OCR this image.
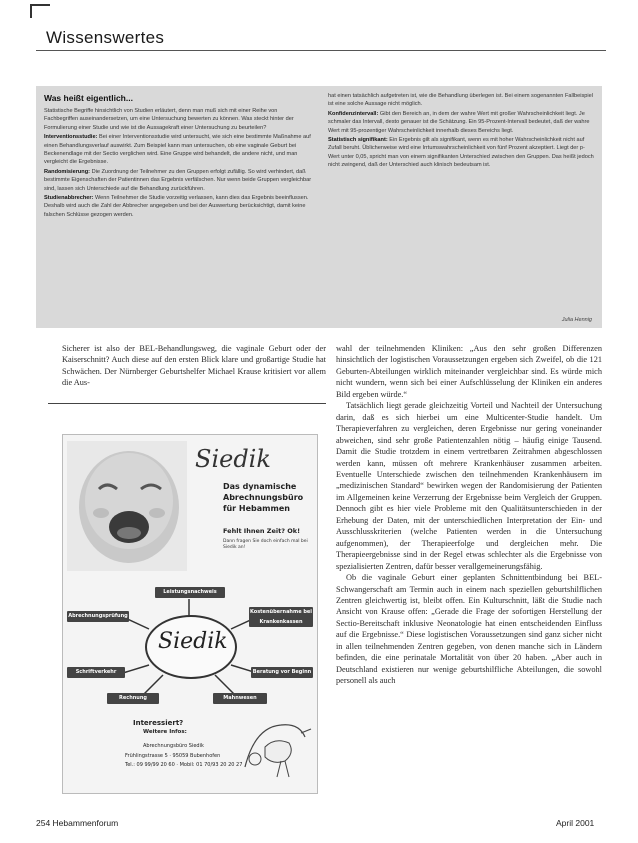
Wissenswertes
Was heißt eigentlich...

Statistische Begriffe hinsichtlich von Studien erläutert, denn man muß sich mit einer Reihe von Fachbegriffen auseinandersetzen, um eine Untersuchung bewerten zu können. Was steckt hinter der Formulierung einer Studie und wie ist die Aussagekraft einer Untersuchung zu beurteilen?

Interventionsstudie: Bei einer Interventionsstudie wird untersucht, wie sich eine bestimmte Maßnahme auf einen Behandlungsverlauf auswirkt. Zum Beispiel kann man untersuchen, ob eine vaginale Geburt bei Beckenendlage mit der Sectio verglichen wird. Eine Gruppe wird behandelt, die andere nicht, und man vergleicht die Ergebnisse.

Randomisierung: Die Zuordnung der Teilnehmer zu den Gruppen erfolgt zufällig. So wird verhindert, daß bestimmte Eigenschaften der Patientinnen das Ergebnis verfälschen. Nur wenn beide Gruppen vergleichbar sind, lassen sich Unterschiede auf die Behandlung zurückführen.

Studienabbrecher: Wenn Teilnehmer die Studie vorzeitig verlassen, kann dies das Ergebnis beeinflussen. Deshalb wird auch die Zahl der Abbrecher angegeben und bei der Auswertung berücksichtigt, damit keine falschen Schlüsse gezogen werden.

hat einen tatsächlich aufgetreten ist, wie die Behandlung überlegen ist. Bei einem sogenannten Fallbeispiel ist eine solche Aussage nicht möglich.

Konfidenzintervall: Gibt den Bereich an, in dem der wahre Wert mit großer Wahrscheinlichkeit liegt. Je schmaler das Intervall, desto genauer ist die Schätzung. Ein 95-Prozent-Intervall bedeutet, daß der wahre Wert mit 95-prozentiger Wahrscheinlichkeit innerhalb dieses Bereichs liegt.

Statistisch signifikant: Ein Ergebnis gilt als signifikant, wenn es mit hoher Wahrscheinlichkeit nicht auf Zufall beruht. Üblicherweise wird eine Irrtumswahrscheinlichkeit von fünf Prozent akzeptiert. Liegt der p-Wert unter 0,05, spricht man von einem signifikanten Unterschied zwischen den Gruppen. Das heißt jedoch nicht zwingend, daß der Unterschied auch klinisch bedeutsam ist.

Julia Hennig
Sicherer ist also der BEL-Behandlungsweg, die vaginale Geburt oder der Kaiserschnitt? Auch diese auf den ersten Blick klare und großartige Studie hat Schwächen. Der Nürnberger Geburtshelfer Michael Krause kritisiert vor allem die Aus-

wahl der teilnehmenden Kliniken: „Aus den sehr großen Differenzen hinsichtlich der logistischen Voraussetzungen ergeben sich Zweifel, ob die 121 Geburten-Abteilungen wirklich miteinander vergleichbar sind. Es würde mich nicht wundern, wenn sich bei einer Aufschlüsselung der Kliniken ein anderes Bild ergeben würde.“

Tatsächlich liegt gerade gleichzeitig Vorteil und Nachteil der Untersuchung darin, daß es sich hierbei um eine Multicenter-Studie handelt. Um Therapieverfahren zu vergleichen, deren Ergebnisse nur gering voneinander abweichen, sind sehr große Patientenzahlen nötig – häufig einige Tausend. Damit die Studie trotzdem in einem vertretbaren Zeitrahmen abgeschlossen werden kann, müssen oft mehrere Krankenhäuser zusammen arbeiten. Eventuelle Unterschiede zwischen den teilnehmenden Krankenhäusern im „medizinischen Standard“ bewirken wegen der Randomisierung der Patienten im Allgemeinen keine Verzerrung der Ergebnisse beim Vergleich der Gruppen. Dennoch gibt es hier viele Probleme mit den Qualitätsunterschieden in der Erhebung der Daten, mit der unterschiedlichen Interpretation der Ein- und Ausschlusskriterien (welche Patienten werden in die Untersuchung aufgenommen), der Therapieerfolge und dergleichen mehr. Die Therapieergebnisse sind in der Regel etwas schlechter als die Ergebnisse von spezialisierten Zentren, dafür besser verallgemeinerungsfähig.

Ob die vaginale Geburt einer geplanten Schnittentbindung bei BEL-Schwangerschaft am Termin auch in einem nach speziellen geburtshilflichen Zentren gleichwertig ist, bleibt offen. Ein Kulturschnitt, läßt die Studie nach Ansicht von Krause offen: „Gerade die Frage der sofortigen Herstellung der Sectio-Bereitschaft inklusive Neonatologie hat einen entscheidenden Einfluss auf die Ergebnisse.“ Diese logistischen Voraussetzungen sind ganz sicher nicht in allen teilnehmenden Zentren gegeben, von denen manche sich in Ländern befinden, die eine perinatale Mortalität von über 20 haben. „Aber auch in Deutschland existieren nur wenige geburtshilfliche Abteilungen, die sowohl personell als auch

Siedik
Das dynamische Abrechnungsbüro für Hebammen
Fehlt Ihnen Zeit? Ok!
Dann fragen Sie doch einfach mal bei Siedik an!
Siedik
Leistungsnachweis
Abrechnungsprüfung
Kostenübernahme bei Krankenkassen
Schriftverkehr	Beratung vor Beginn
Rechnung	Mahnwesen
Interessiert?
Weitere Infos:
Abrechnungsbüro Siedik
Frühlingstrasse 5 · 95059 Bubenhofen
Tel.: 09 99/99 20 60 · Mobil: 01 70/93 20 20 27
254 Hebammenforum	April 2001
